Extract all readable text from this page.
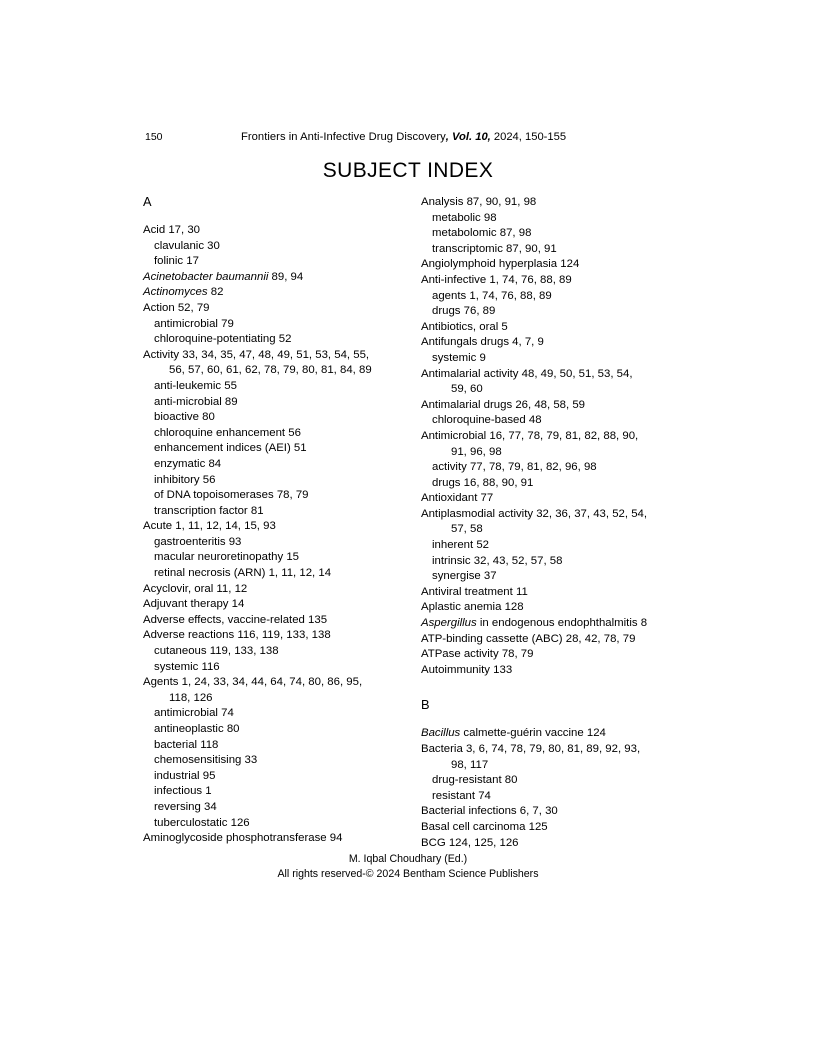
150	Frontiers in Anti-Infective Drug Discovery, Vol. 10, 2024, 150-155
SUBJECT INDEX
A
Acid 17, 30
clavulanic 30
folinic 17
Acinetobacter baumannii 89, 94
Actinomyces 82
Action 52, 79
antimicrobial 79
chloroquine-potentiating 52
Activity 33, 34, 35, 47, 48, 49, 51, 53, 54, 55,
56, 57, 60, 61, 62, 78, 79, 80, 81, 84, 89
anti-leukemic 55
anti-microbial 89
bioactive 80
chloroquine enhancement 56
enhancement indices (AEI) 51
enzymatic 84
inhibitory 56
of DNA topoisomerases 78, 79
transcription factor 81
Acute 1, 11, 12, 14, 15, 93
gastroenteritis 93
macular neuroretinopathy 15
retinal necrosis (ARN) 1, 11, 12, 14
Acyclovir, oral 11, 12
Adjuvant therapy 14
Adverse effects, vaccine-related 135
Adverse reactions 116, 119, 133, 138
cutaneous 119, 133, 138
systemic 116
Agents 1, 24, 33, 34, 44, 64, 74, 80, 86, 95,
118, 126
antimicrobial 74
antineoplastic 80
bacterial 118
chemosensitising 33
industrial 95
infectious 1
reversing 34
tuberculostatic 126
Aminoglycoside phosphotransferase 94
Analysis 87, 90, 91, 98
metabolic 98
metabolomic 87, 98
transcriptomic 87, 90, 91
Angiolymphoid hyperplasia 124
Anti-infective 1, 74, 76, 88, 89
agents 1, 74, 76, 88, 89
drugs 76, 89
Antibiotics, oral 5
Antifungals drugs 4, 7, 9
systemic 9
Antimalarial activity 48, 49, 50, 51, 53, 54,
59, 60
Antimalarial drugs 26, 48, 58, 59
chloroquine-based 48
Antimicrobial 16, 77, 78, 79, 81, 82, 88, 90,
91, 96, 98
activity 77, 78, 79, 81, 82, 96, 98
drugs 16, 88, 90, 91
Antioxidant 77
Antiplasmodial activity 32, 36, 37, 43, 52, 54,
57, 58
inherent 52
intrinsic 32, 43, 52, 57, 58
synergise 37
Antiviral treatment 11
Aplastic anemia 128
Aspergillus in endogenous endophthalmitis 8
ATP-binding cassette (ABC) 28, 42, 78, 79
ATPase activity 78, 79
Autoimmunity 133
B
Bacillus calmette-guérin vaccine 124
Bacteria 3, 6, 74, 78, 79, 80, 81, 89, 92, 93,
98, 117
drug-resistant 80
resistant 74
Bacterial infections 6, 7, 30
Basal cell carcinoma 125
BCG 124, 125, 126
M. Iqbal Choudhary (Ed.)
All rights reserved-© 2024 Bentham Science Publishers
